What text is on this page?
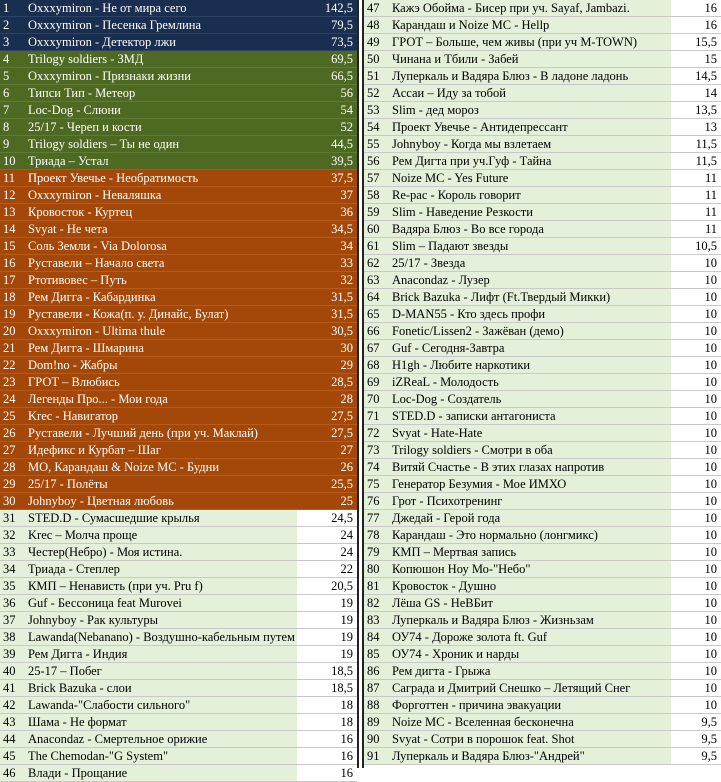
1	Oxxxymiron - Не от мира сего	142,5
2	Oxxxymiron - Песенка Гремлина	79,5
3	Oxxxymiron - Детектор лжи	73,5
4	Trilogy soldiers - ЗМД	69,5
5	Oxxxymiron - Признаки жизни	66,5
6	Типси Тип - Метеор	56
7	Loc-Dog - Слюни	54
8	25/17 - Череп и кости	52
9	Trilogy soldiers – Ты не один	44,5
10	Триада – Устал	39,5
11	Проект Увечье - Необратимость	37,5
12	Oxxxymiron - Неваляшка	37
13	Кровосток - Куртец	36
14	Svyat - Не чета	34,5
15	Соль Земли - Via Dolorosa	34
16	Руставели – Начало света	33
17	Ртотивовес – Путь	32
18	Рем Дигга - Кабардинка	31,5
19	Руставели - Кожа(п. у. Динайс, Булат)	31,5
20	Oxxxymiron - Ultima thule	30,5
21	Рем Дигга - Шмарина	30
22	Dom!no - Жабры	29
23	ГРОТ – Влюбись	28,5
24	Легенды Про... - Мои года	28
25	Krec - Навигатор	27,5
26	Руставели - Лучший день (при уч. Маклай)	27,5
27	Идефикс и Курбат – Шаг	27
28	МО, Карандаш & Noize MC - Будни	26
29	25/17 - Полёты	25,5
30	Johnyboy - Цветная любовь	25
31	STED.D - Сумасшедшие крылья	24,5
32	Krec – Молча проще	24
33	Честер(Небро) - Моя истина.	24
34	Триада - Степлер	22
35	КМП – Ненависть (при уч. Pru f)	20,5
36	Guf - Бессоница feat Murovei	19
37	Johnyboy - Рак культуры	19
38	Lawanda(Nebanano) - Воздушно-кабельным путем	19
39	Рем Дигга - Индия	19
40	25-17 – Побег	18,5
41	Brick Bazuka - слои	18,5
42	Lawanda-"Слабости сильного"	18
43	Шама - Не формат	18
44	Anacondaz - Смертельное орижие	16
45	The Chemodan-"G System"	16
46	Влади - Прощание	16
47	Кажэ Обойма - Бисер при уч. Sayaf, Jambazi.	16
48	Карандаш и Noize MC - Hellp	16
49	ГРОТ – Больше, чем живы (при уч M-TOWN)	15,5
50	Чинана и Тбили - Забей	15
51	Луперкаль и Вадяра Блюз - В ладоне ладонь	14,5
52	Ассаи – Иду за тобой	14
53	Slim - дед мороз	13,5
54	Проект Увечье - Антидепрессант	13
55	Johnyboy - Когда мы взлетаем	11,5
56	Рем Дигта при уч.Гуф - Тайна	11,5
57	Noize MC - Yes Future	11
58	Re-pac - Король говорит	11
59	Slim - Наведение Резкости	11
60	Вадяра Блюз - Во все города	11
61	Slim – Падают звезды	10,5
62	25/17 - Звезда	10
63	Anacondaz - Лузер	10
64	Brick Bazuka - Лифт (Ft.Твердый Микки)	10
65	D-MAN55 - Кто здесь профи	10
66	Fonetic/Lissen2 - Зажёван (демо)	10
67	Guf - Сегодня-Завтра	10
68	H1gh - Любите наркотики	10
69	iZReaL - Молодость	10
70	Loc-Dog - Создатель	10
71	STED.D - записки антагониста	10
72	Svyat - Hate-Hate	10
73	Trilogy soldiers - Смотри в оба	10
74	Витяй Счастье - В этих глазах напротив	10
75	Генератор Безумия - Мое ИМХО	10
76	Грот - Психотренинг	10
77	Джедай - Герой года	10
78	Карандаш - Это нормально (лонгмикс)	10
79	КМП – Мертвая запись	10
80	Копюшон Ноу Мо-"Небо"	10
81	Кровосток - Душно	10
82	Лёша GS - НеВБит	10
83	Луперкаль и Вадяра Блюз - Жизньзам	10
84	ОУ74 - Дороже золота ft. Guf	10
85	ОУ74 - Хроник и нарды	10
86	Рем дигта - Грыжа	10
87	Саграда и Дмитрий Снешко – Летящий Снег	10
88	Форготтен - причина эвакуации	10
89	Noize MC - Вселенная бесконечна	9,5
90	Svyat - Сотри в порошок feat. Shot	9,5
91	Луперкаль и Вадяра Блюз-"Андрей"	9,5
